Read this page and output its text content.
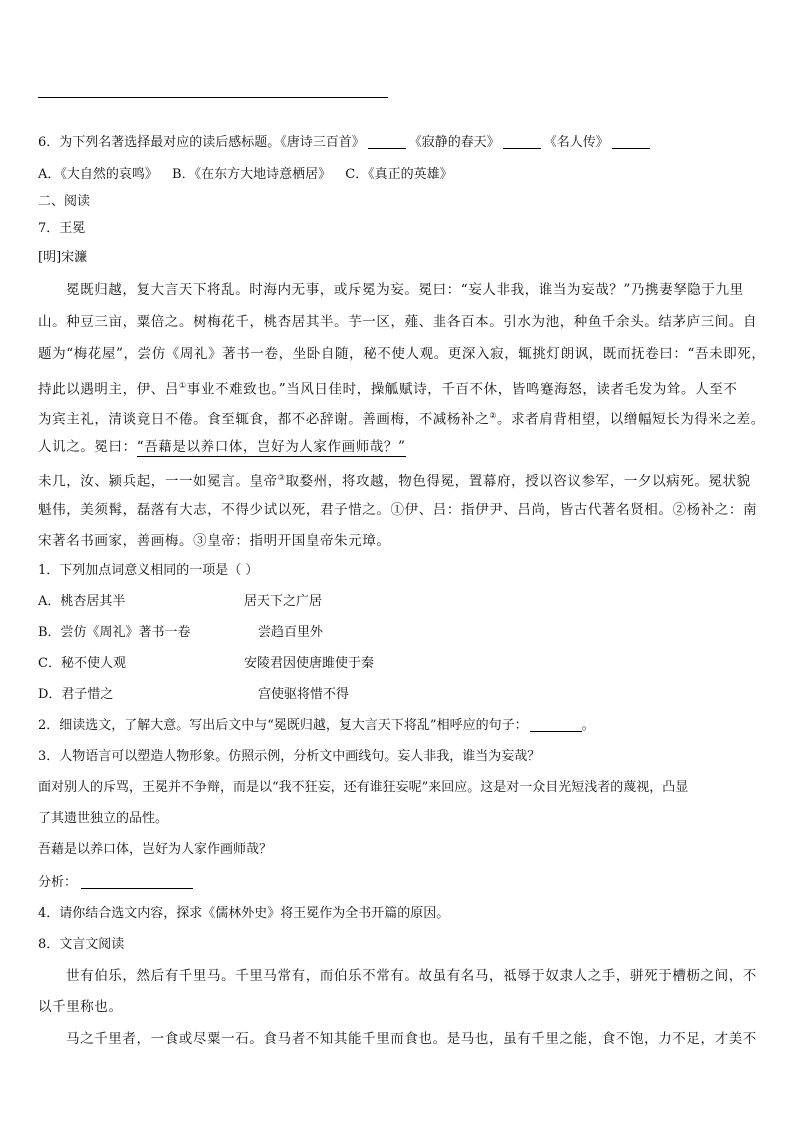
6．为下列名著选择最对应的读后感标题。《唐诗三百首》	《寂静的春天》	《名人传》
A．《大自然的哀鸣》 B．《在东方大地诗意栖居》 C．《真正的英雄》
二、阅读
7．王冕
[明]宋濂
冕既归越，复大言天下将乱。时海内无事，或斥冕为妄。冕曰：“妄人非我，谁当为妄哉？”乃携妻孥隐于九里
山。种豆三亩，粟倍之。树梅花千，桃杏居其半。芋一区，薤、韭各百本。引水为池，种鱼千余头。结茅庐三间。自
题为“梅花屋”，尝仿《周礼》著书一卷，坐卧自随，秘不使人观。更深入寂，辄挑灯朗讽，既而抚卷曰：“吾未即死，
持此以遇明主，伊、吕①事业不难致也。”当风日佳时，操觚赋诗，千百不休，皆鸣蹇海怒，读者毛发为耸。人至不
为宾主礼，清谈竟日不倦。食至辄食，都不必辞谢。善画梅，不减杨补之②。求者肩背相望，以缯幅短长为得米之差。
人讥之。冕曰：“吾藉是以养口体，岂好为人家作画师哉？”
未几，汝、颍兵起，一一如冕言。皇帝③取婺州，将攻越，物色得冕，置幕府，授以咨议参军，一夕以病死。冕状貌
魁伟，美须髯，磊落有大志，不得少试以死，君子惜之。①伊、吕：指伊尹、吕尚，皆古代著名贤相。②杨补之：南
宋著名书画家，善画梅。③皇帝：指明开国皇帝朱元璋。
1．下列加点词意义相同的一项是（ ）
A．桃杏居其半	居天下之广居
B．尝仿《周礼》著书一卷	尝趋百里外
C．秘不使人观	安陵君因使唐雎使于秦
D．君子惜之	宫使驱将惜不得
2．细读选文，了解大意。写出后文中与“冕既归越，复大言天下将乱”相呼应的句子：	。
3．人物语言可以塑造人物形象。仿照示例，分析文中画线句。妄人非我，谁当为妄哉？
面对别人的斥骂，王冕并不争辩，而是以“我不狂妄，还有谁狂妄呢”来回应。这是对一众目光短浅者的蔑视，凸显
了其遗世独立的品性。
吾藉是以养口体，岂好为人家作画师哉？
分析：
4．请你结合选文内容，探求《儒林外史》将王冕作为全书开篇的原因。
8．文言文阅读
世有伯乐，然后有千里马。千里马常有，而伯乐不常有。故虽有名马，祗辱于奴隶人之手，骈死于槽枥之间，不
以千里称也。
马之千里者，一食或尽粟一石。食马者不知其能千里而食也。是马也，虽有千里之能，食不饱，力不足，才美不
